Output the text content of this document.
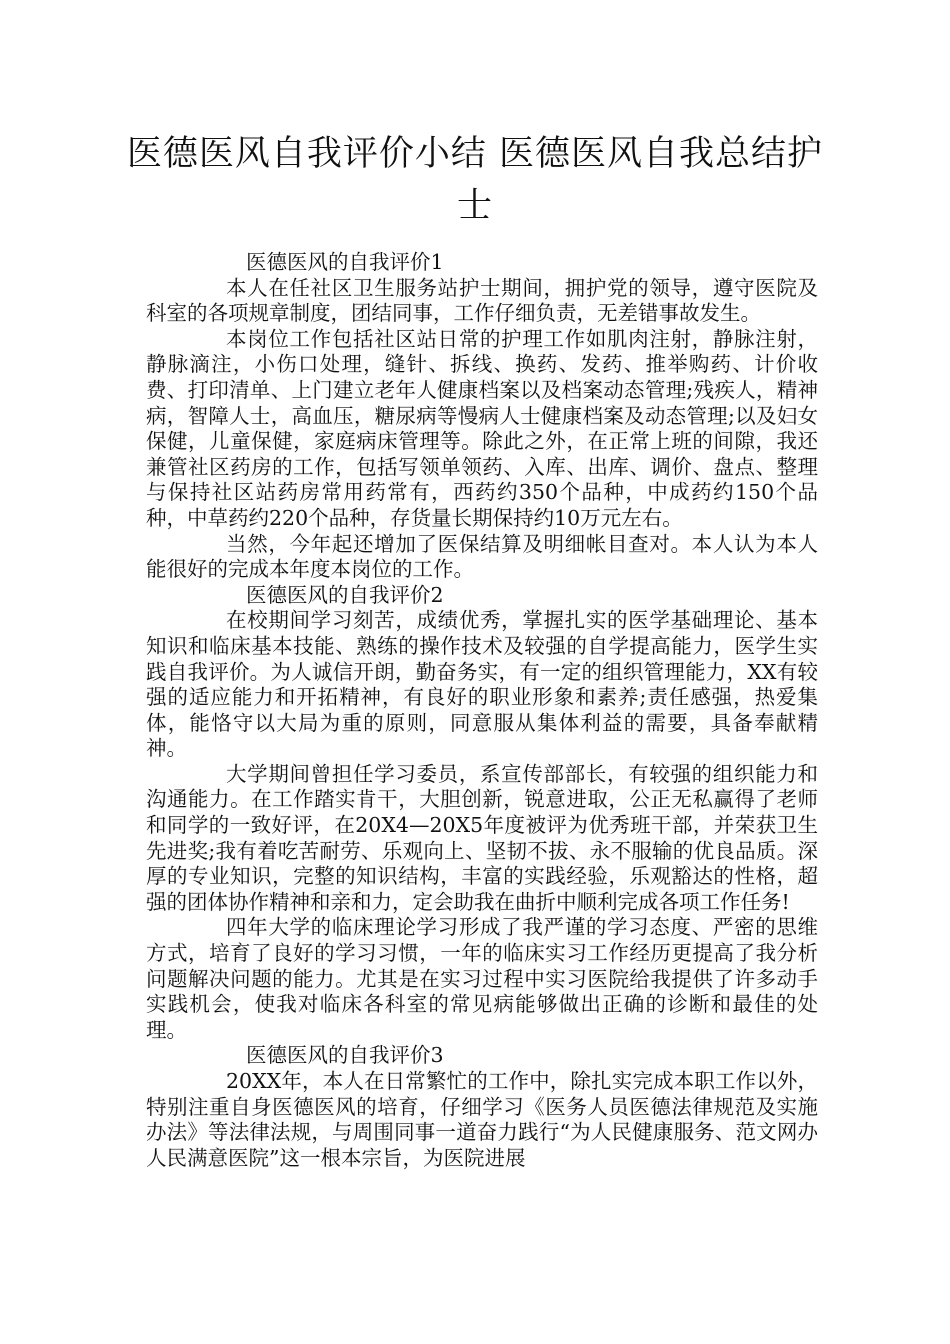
医德医风自我评价小结 医德医风自我总结护士
医德医风的自我评价1

本人在任社区卫生服务站护士期间，拥护党的领导，遵守医院及科室的各项规章制度，团结同事，工作仔细负责，无差错事故发生。

本岗位工作包括社区站日常的护理工作如肌肉注射，静脉注射，静脉滴注，小伤口处理，缝针、拆线、换药、发药、推举购药、计价收费、打印清单、上门建立老年人健康档案以及档案动态管理;残疾人，精神病，智障人士，高血压，糖尿病等慢病人士健康档案及动态管理;以及妇女保健，儿童保健，家庭病床管理等。除此之外，在正常上班的间隙，我还兼管社区药房的工作，包括写领单领药、入库、出库、调价、盘点、整理与保持社区站药房常用药常有，西药约350个品种，中成药约150个品种，中草药约220个品种，存货量长期保持约10万元左右。

当然，今年起还增加了医保结算及明细帐目查对。本人认为本人能很好的完成本年度本岗位的工作。

医德医风的自我评价2

在校期间学习刻苦，成绩优秀，掌握扎实的医学基础理论、基本知识和临床基本技能、熟练的操作技术及较强的自学提高能力，医学生实践自我评价。为人诚信开朗，勤奋务实，有一定的组织管理能力，XX有较强的适应能力和开拓精神，有良好的职业形象和素养;责任感强，热爱集体，能恪守以大局为重的原则，同意服从集体利益的需要，具备奉献精神。

大学期间曾担任学习委员，系宣传部部长，有较强的组织能力和沟通能力。在工作踏实肯干，大胆创新，锐意进取，公正无私赢得了老师和同学的一致好评，在20X4—20X5年度被评为优秀班干部，并荣获卫生先进奖;我有着吃苦耐劳、乐观向上、坚韧不拔、永不服输的优良品质。深厚的专业知识，完整的知识结构，丰富的实践经验，乐观豁达的性格，超强的团体协作精神和亲和力，定会助我在曲折中顺利完成各项工作任务!

四年大学的临床理论学习形成了我严谨的学习态度、严密的思维方式，培育了良好的学习习惯，一年的临床实习工作经历更提高了我分析问题解决问题的能力。尤其是在实习过程中实习医院给我提供了许多动手实践机会，使我对临床各科室的常见病能够做出正确的诊断和最佳的处理。

医德医风的自我评价3

20XX年，本人在日常繁忙的工作中，除扎实完成本职工作以外，特别注重自身医德医风的培育，仔细学习《医务人员医德法律规范及实施办法》等法律法规，与周围同事一道奋力践行“为人民健康服务、范文网办人民满意医院”这一根本宗旨，为医院进展
